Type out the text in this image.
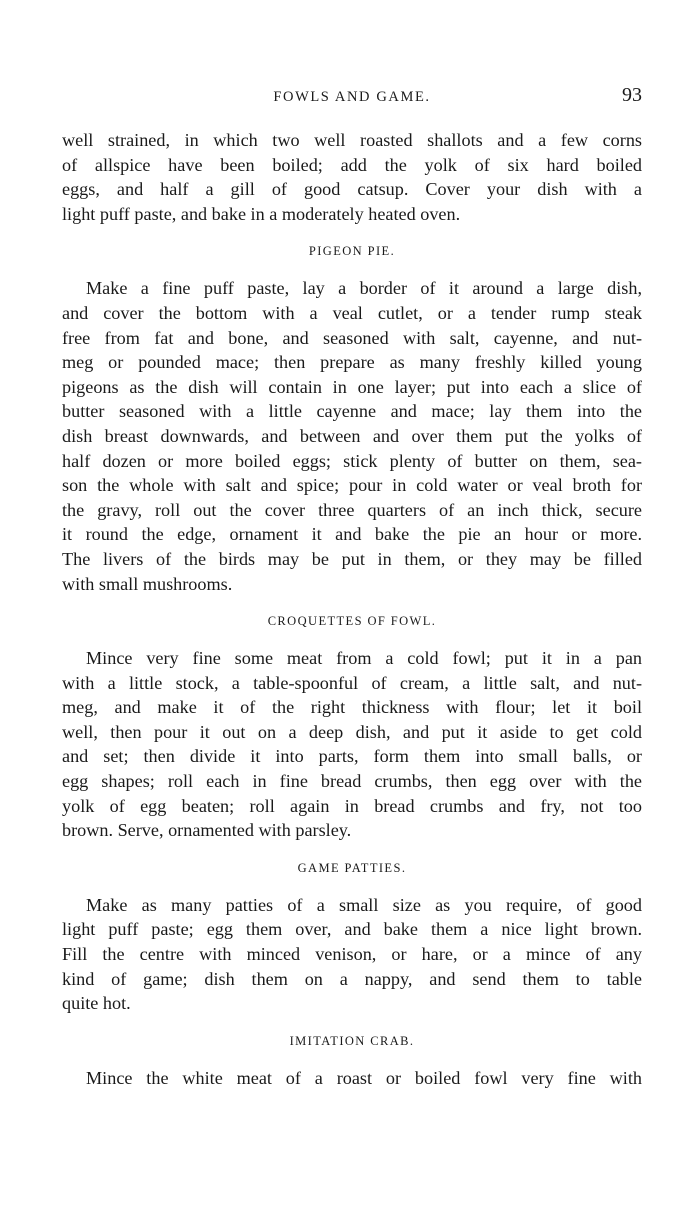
FOWLS AND GAME.	93
well strained, in which two well roasted shallots and a few corns
of allspice have been boiled; add the yolk of six hard boiled
eggs, and half a gill of good catsup. Cover your dish with a
light puff paste, and bake in a moderately heated oven.
PIGEON PIE.
Make a fine puff paste, lay a border of it around a large dish,
and cover the bottom with a veal cutlet, or a tender rump steak
free from fat and bone, and seasoned with salt, cayenne, and nut-
meg or pounded mace; then prepare as many freshly killed young
pigeons as the dish will contain in one layer; put into each a slice of
butter seasoned with a little cayenne and mace; lay them into the
dish breast downwards, and between and over them put the yolks of
half dozen or more boiled eggs; stick plenty of butter on them, sea-
son the whole with salt and spice; pour in cold water or veal broth for
the gravy, roll out the cover three quarters of an inch thick, secure
it round the edge, ornament it and bake the pie an hour or more.
The livers of the birds may be put in them, or they may be filled
with small mushrooms.
CROQUETTES OF FOWL.
Mince very fine some meat from a cold fowl; put it in a pan
with a little stock, a table-spoonful of cream, a little salt, and nut-
meg, and make it of the right thickness with flour; let it boil
well, then pour it out on a deep dish, and put it aside to get cold
and set; then divide it into parts, form them into small balls, or
egg shapes; roll each in fine bread crumbs, then egg over with the
yolk of egg beaten; roll again in bread crumbs and fry, not too
brown. Serve, ornamented with parsley.
GAME PATTIES.
Make as many patties of a small size as you require, of good
light puff paste; egg them over, and bake them a nice light brown.
Fill the centre with minced venison, or hare, or a mince of any
kind of game; dish them on a nappy, and send them to table
quite hot.
IMITATION CRAB.
Mince the white meat of a roast or boiled fowl very fine with
